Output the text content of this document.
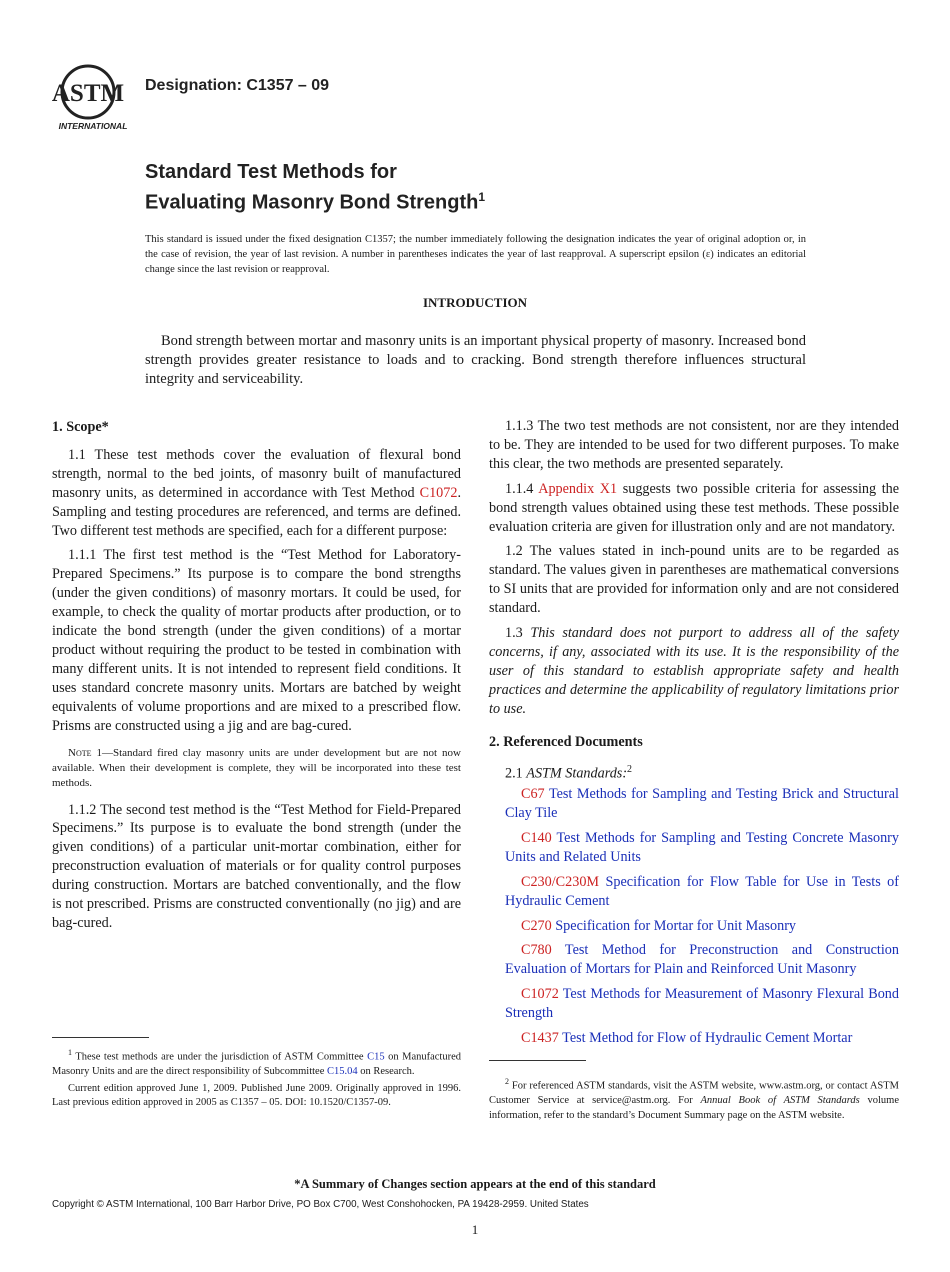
ASTM
INTERNATIONAL
Designation: C1357 – 09
Standard Test Methods for
Evaluating Masonry Bond Strength$^1$
This standard is issued under the fixed designation C1357; the number immediately following the designation indicates the year of original adoption or, in the case of revision, the year of last revision. A number in parentheses indicates the year of last reapproval. A superscript epsilon (ε) indicates an editorial change since the last revision or reapproval.
INTRODUCTION
Bond strength between mortar and masonry units is an important physical property of masonry. Increased bond strength provides greater resistance to loads and to cracking. Bond strength therefore influences structural integrity and serviceability.

1. Scope*

1.1 These test methods cover the evaluation of flexural bond strength, normal to the bed joints, of masonry built of manufactured masonry units, as determined in accordance with Test Method C1072. Sampling and testing procedures are referenced, and terms are defined. Two different test methods are specified, each for a different purpose:

1.1.1 The first test method is the “Test Method for Laboratory-Prepared Specimens.” Its purpose is to compare the bond strengths (under the given conditions) of masonry mortars. It could be used, for example, to check the quality of mortar products after production, or to indicate the bond strength (under the given conditions) of a mortar product without requiring the product to be tested in combination with many different units. It is not intended to represent field conditions. It uses standard concrete masonry units. Mortars are batched by weight equivalents of volume proportions and are mixed to a prescribed flow. Prisms are constructed using a jig and are bag-cured.

Note 1—Standard fired clay masonry units are under development but are not now available. When their development is complete, they will be incorporated into these test methods.

1.1.2 The second test method is the “Test Method for Field-Prepared Specimens.” Its purpose is to evaluate the bond strength (under the given conditions) of a particular unit-mortar combination, either for preconstruction evaluation of materials or for quality control purposes during construction. Mortars are batched conventionally, and the flow is not prescribed. Prisms are constructed conventionally (no jig) and are bag-cured.

1.1.3 The two test methods are not consistent, nor are they intended to be. They are intended to be used for two different purposes. To make this clear, the two methods are presented separately.

1.1.4 Appendix X1 suggests two possible criteria for assessing the bond strength values obtained using these test methods. These possible evaluation criteria are given for illustration only and are not mandatory.

1.2 The values stated in inch-pound units are to be regarded as standard. The values given in parentheses are mathematical conversions to SI units that are provided for information only and are not considered standard.

1.3 This standard does not purport to address all of the safety concerns, if any, associated with its use. It is the responsibility of the user of this standard to establish appropriate safety and health practices and determine the applicability of regulatory limitations prior to use.

2. Referenced Documents

2.1 ASTM Standards:$^2$

C67 Test Methods for Sampling and Testing Brick and Structural Clay Tile

C140 Test Methods for Sampling and Testing Concrete Masonry Units and Related Units

C230/C230M Specification for Flow Table for Use in Tests of Hydraulic Cement

C270 Specification for Mortar for Unit Masonry

C780 Test Method for Preconstruction and Construction Evaluation of Mortars for Plain and Reinforced Unit Masonry

C1072 Test Methods for Measurement of Masonry Flexural Bond Strength

C1437 Test Method for Flow of Hydraulic Cement Mortar

$^1$ These test methods are under the jurisdiction of ASTM Committee C15 on Manufactured Masonry Units and are the direct responsibility of Subcommittee C15.04 on Research.

Current edition approved June 1, 2009. Published June 2009. Originally approved in 1996. Last previous edition approved in 2005 as C1357 – 05. DOI: 10.1520/C1357-09.

$^2$ For referenced ASTM standards, visit the ASTM website, www.astm.org, or contact ASTM Customer Service at service@astm.org. For Annual Book of ASTM Standards volume information, refer to the standard’s Document Summary page on the ASTM website.

*A Summary of Changes section appears at the end of this standard
Copyright © ASTM International, 100 Barr Harbor Drive, PO Box C700, West Conshohocken, PA 19428-2959. United States
1
